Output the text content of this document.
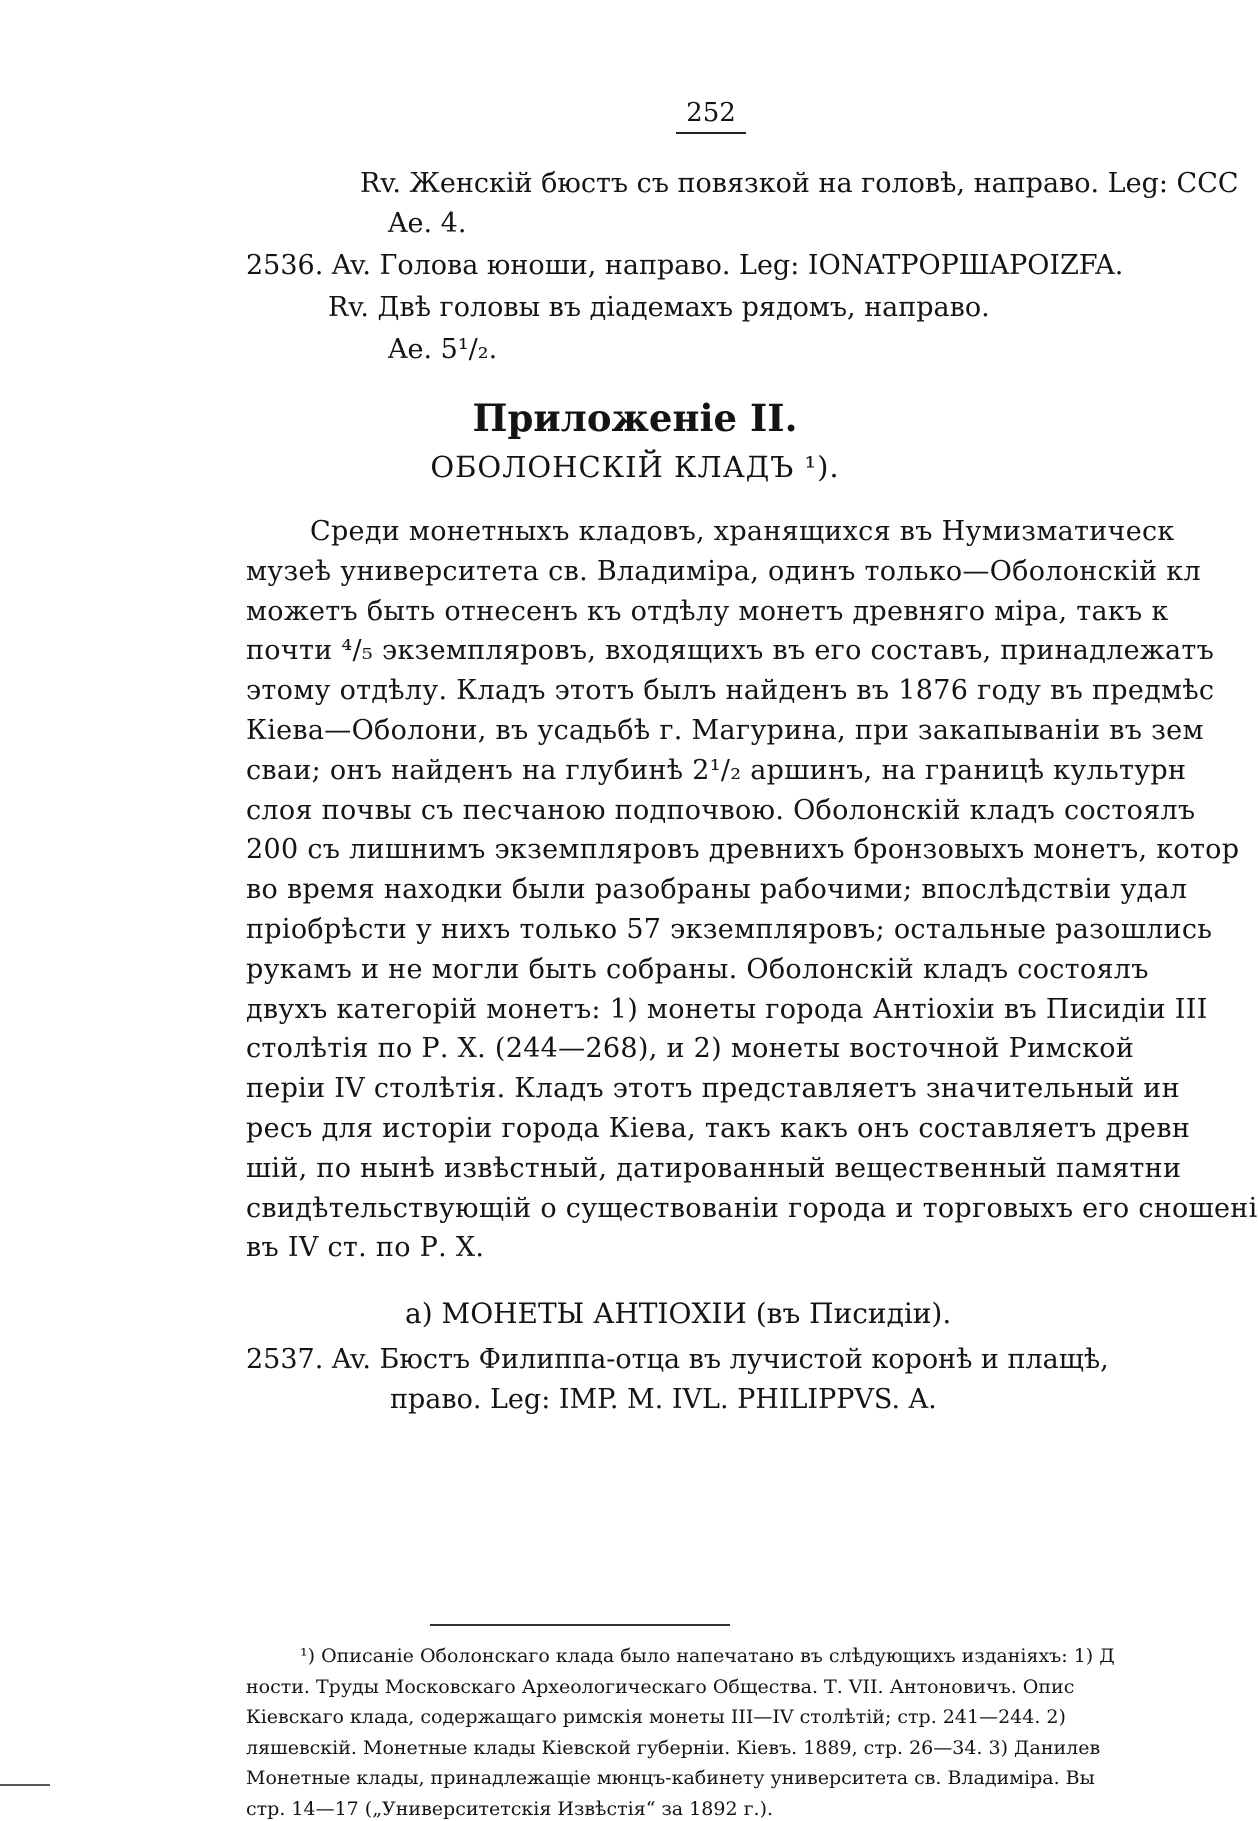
252
Rv. Женскій бюстъ съ повязкой на головѣ, направо. Leg: CCC
Ae. 4.
2536. Av. Голова юноши, направо. Leg: IONATPOPШAPOIZFA.
Rv. Двѣ головы въ діадемахъ рядомъ, направо.
Ae. 5¹/₂.
Приложеніе II.
ОБОЛОНСКІЙ КЛАДЪ ¹).
Среди монетныхъ кладовъ, хранящихся въ Нумизматическ
музеѣ университета св. Владиміра, одинъ только—Оболонскій кл
можетъ быть отнесенъ къ отдѣлу монетъ древняго міра, такъ к
почти ⁴/₅ экземпляровъ, входящихъ въ его составъ, принадлежатъ
этому отдѣлу. Кладъ этотъ былъ найденъ въ 1876 году въ предмѣс
Кіева—Оболони, въ усадьбѣ г. Магурина, при закапываніи въ зем
сваи; онъ найденъ на глубинѣ 2¹/₂ аршинъ, на границѣ культурн
слоя почвы съ песчаною подпочвою. Оболонскій кладъ состоялъ
200 съ лишнимъ экземпляровъ древнихъ бронзовыхъ монетъ, котор
во время находки были разобраны рабочими; впослѣдствіи удал
пріобрѣсти у нихъ только 57 экземпляровъ; остальные разошлись
рукамъ и не могли быть собраны. Оболонскій кладъ состоялъ
двухъ категорій монетъ: 1) монеты города Антіохіи въ Писидіи III
столѣтія по Р. Х. (244—268), и 2) монеты восточной Римской
періи IV столѣтія. Кладъ этотъ представляетъ значительный ин
ресъ для исторіи города Кіева, такъ какъ онъ составляетъ древн
шій, по нынѣ извѣстный, датированный вещественный памятни
свидѣтельствующій о существованіи города и торговыхъ его сношені
въ IV ст. по Р. Х.
a) МОНЕТЫ АНТІОХІИ (въ Писидіи).
2537. Av. Бюстъ Филиппа-отца въ лучистой коронѣ и плащѣ,
право. Leg: IMP. M. IVL. PHILIPPVS. A.
¹) Описаніе Оболонскаго клада было напечатано въ слѣдующихъ изданіяхъ: 1) Д
ности. Труды Московскаго Археологическаго Общества. Т. VII. Антоновичъ. Опис
Кіевскаго клада, содержащаго римскія монеты III—IV столѣтій; стр. 241—244. 2)
ляшевскій. Монетные клады Кіевской губерніи. Кіевъ. 1889, стр. 26—34. 3) Данилев
Монетные клады, принадлежащіе мюнцъ-кабинету университета св. Владиміра. Вы
стр. 14—17 („Университетскія Извѣстія“ за 1892 г.).
